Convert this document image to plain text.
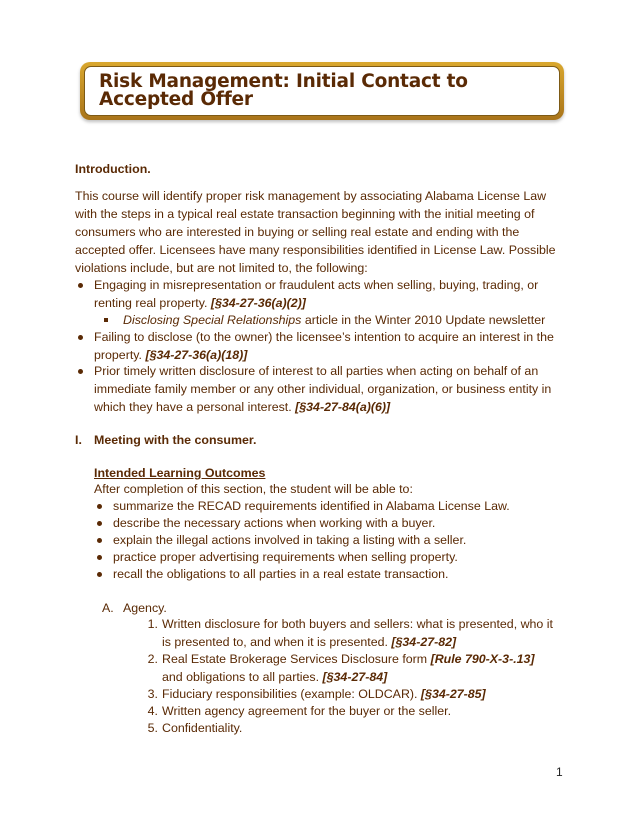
Risk Management: Initial Contact to Accepted Offer
Introduction.
This course will identify proper risk management by associating Alabama License Law with the steps in a typical real estate transaction beginning with the initial meeting of consumers who are interested in buying or selling real estate and ending with the accepted offer. Licensees have many responsibilities identified in License Law. Possible violations include, but are not limited to, the following:
Engaging in misrepresentation or fraudulent acts when selling, buying, trading, or renting real property. [§34-27-36(a)(2)]
Disclosing Special Relationships article in the Winter 2010 Update newsletter
Failing to disclose (to the owner) the licensee’s intention to acquire an interest in the property. [§34-27-36(a)(18)]
Prior timely written disclosure of interest to all parties when acting on behalf of an immediate family member or any other individual, organization, or business entity in which they have a personal interest. [§34-27-84(a)(6)]
I. Meeting with the consumer.
Intended Learning Outcomes
After completion of this section, the student will be able to:
summarize the RECAD requirements identified in Alabama License Law.
describe the necessary actions when working with a buyer.
explain the illegal actions involved in taking a listing with a seller.
practice proper advertising requirements when selling property.
recall the obligations to all parties in a real estate transaction.
A. Agency.
1. Written disclosure for both buyers and sellers: what is presented, who it is presented to, and when it is presented. [§34-27-82]
2. Real Estate Brokerage Services Disclosure form [Rule 790-X-3-.13] and obligations to all parties. [§34-27-84]
3. Fiduciary responsibilities (example: OLDCAR). [§34-27-85]
4. Written agency agreement for the buyer or the seller.
5. Confidentiality.
1
